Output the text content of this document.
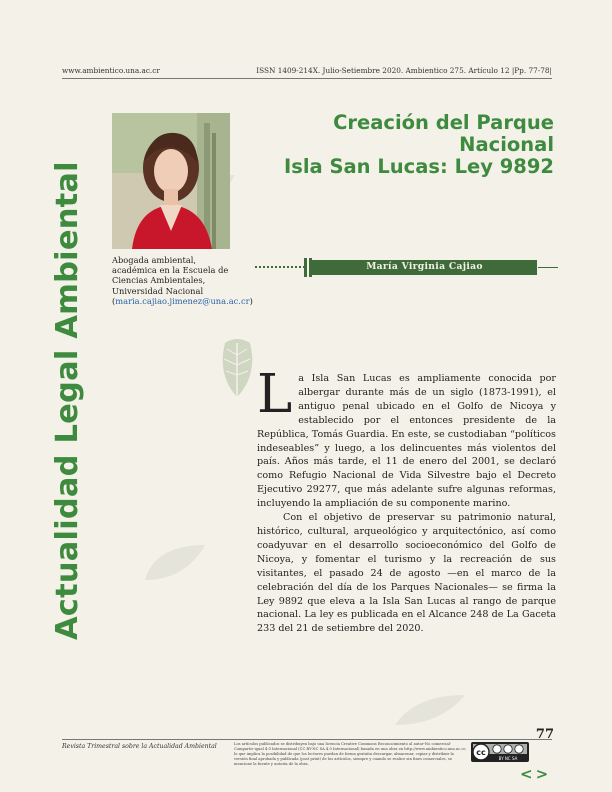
www.ambientico.una.ac.cr	ISSN 1409-214X. Julio-Setiembre 2020. Ambientico 275. Artículo 12 |Pp. 77-78|
Actualidad Legal Ambiental	Abogada ambiental, académica en la Escuela de Ciencias Ambientales, Universidad Nacional
(maria.cajiao.jimenez@una.ac.cr)
Creación del Parque Nacional
Isla San Lucas: Ley 9892
María Virginia Cajiao

La Isla San Lucas es ampliamente conocida por albergar durante más de un siglo (1873-1991), el antiguo penal ubicado en el Golfo de Nicoya y establecido por el entonces presidente de la República, Tomás Guardia. En este, se custodiaban “políticos indeseables” y luego, a los delincuentes más violentos del país. Años más tarde, el 11 de enero del 2001, se declaró como Refugio Nacional de Vida Silvestre bajo el Decreto Ejecutivo 29277, que más adelante sufre algunas reformas, incluyendo la ampliación de su componente marino.

Con el objetivo de preservar su patrimonio natural, histórico, cultural, arqueológico y arquitectónico, así como coadyuvar en el desarrollo socioeconómico del Golfo de Nicoya, y fomentar el turismo y la recreación de sus visitantes, el pasado 24 de agosto —en el marco de la celebración del día de los Parques Nacionales— se firma la Ley 9892 que eleva a la Isla San Lucas al rango de parque nacional. La ley es publicada en el Alcance 248 de La Gaceta 233 del 21 de setiembre del 2020.

77
Revista Trimestral sobre la Actualidad Ambiental	Los artículos publicados se distribuyen bajo una licencia Creative Commons Reconocimiento al autor-No comercial-Compartir igual 4.0 Internacional (CC BY-NC SA 4.0 Internacional) basada en una obra en http://www.ambientico.una.ac.cr, lo que implica la posibilidad de que los lectores puedan de forma gratuita descargar, almacenar, copiar y distribuir la versión final aprobada y publicada (post print) de los artículos, siempre y cuando se realice sin fines comerciales, se mencione la fuente y autoría de la obra.
cc
BY NC SA
<>
